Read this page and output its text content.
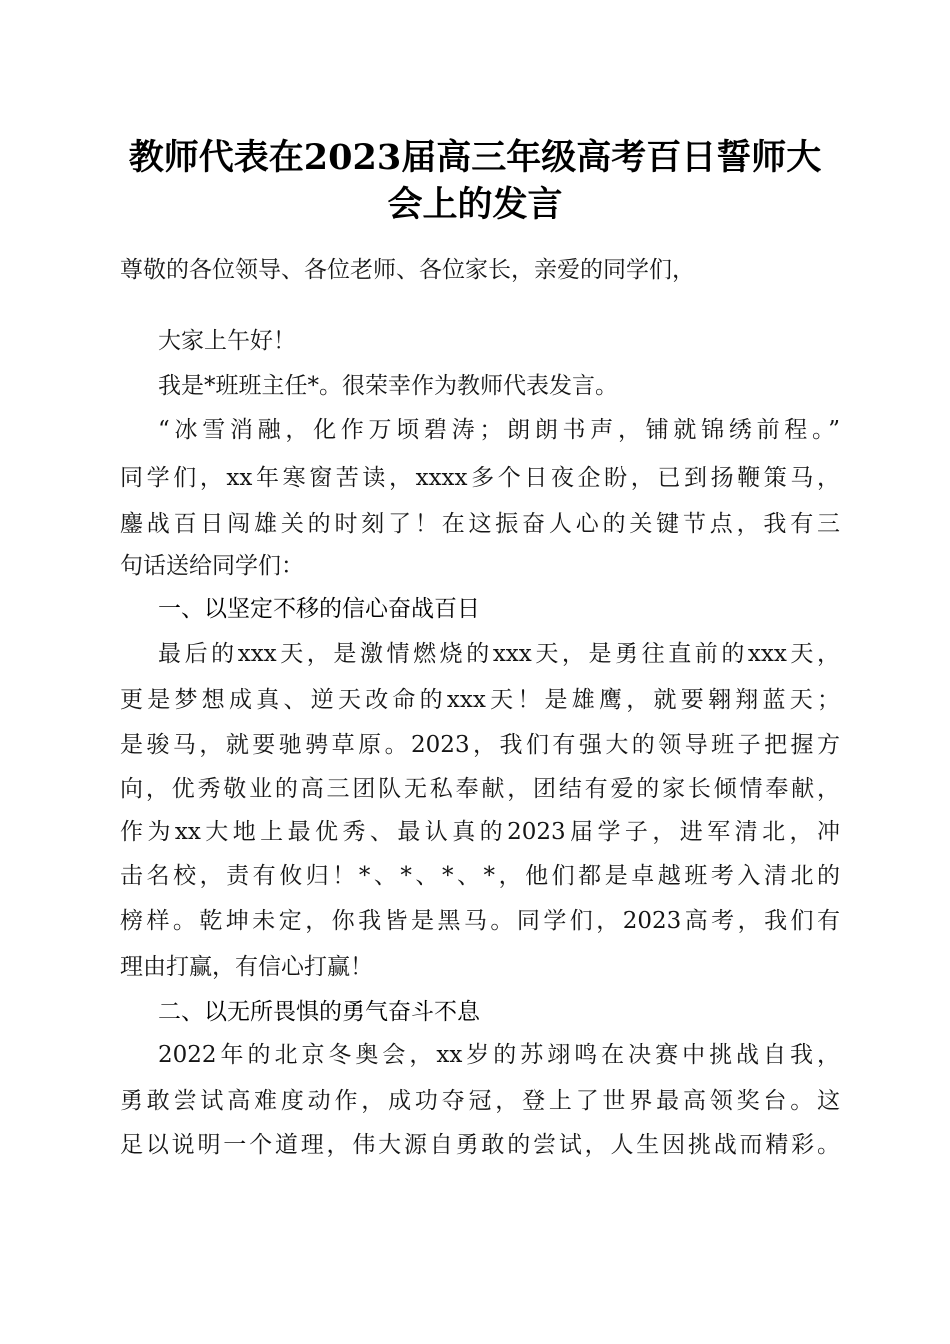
教师代表在2023届高三年级高考百日誓师大
会上的发言
尊敬的各位领导、各位老师、各位家长，亲爱的同学们，
大家上午好！
我是*班班主任*。很荣幸作为教师代表发言。
“冰雪消融，化作万顷碧涛；朗朗书声，铺就锦绣前程。”
同学们，xx年寒窗苦读，xxxx多个日夜企盼，已到扬鞭策马，
鏖战百日闯雄关的时刻了！在这振奋人心的关键节点，我有三
句话送给同学们：
一、以坚定不移的信心奋战百日
最后的xxx天，是激情燃烧的xxx天，是勇往直前的xxx天，
更是梦想成真、逆天改命的xxx天！是雄鹰，就要翱翔蓝天；
是骏马，就要驰骋草原。2023，我们有强大的领导班子把握方
向，优秀敬业的高三团队无私奉献，团结有爱的家长倾情奉献，
作为xx大地上最优秀、最认真的2023届学子，进军清北，冲
击名校，责有攸归！*、*、*、*，他们都是卓越班考入清北的
榜样。乾坤未定，你我皆是黑马。同学们，2023高考，我们有
理由打赢，有信心打赢！
二、以无所畏惧的勇气奋斗不息
2022年的北京冬奥会，xx岁的苏翊鸣在决赛中挑战自我，
勇敢尝试高难度动作，成功夺冠，登上了世界最高领奖台。这
足以说明一个道理，伟大源自勇敢的尝试，人生因挑战而精彩。
